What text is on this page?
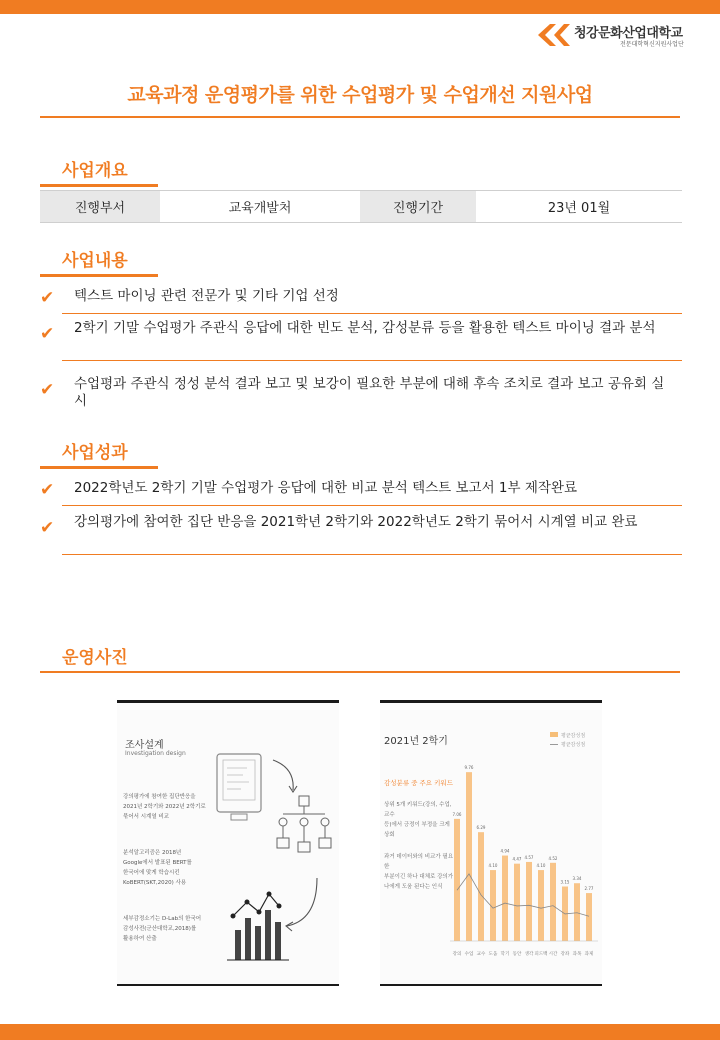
청강문화산업대학교
전문대학혁신지원사업단
교육과정 운영평가를 위한 수업평가 및 수업개선 지원사업
사업개요
진행부서	교육개발처	진행기간	23년 01월
사업내용
✔ 텍스트 마이닝 관련 전문가 및 기타 기업 선정
✔ 2학기 기말 수업평가 주관식 응답에 대한 빈도 분석, 감성분류 등을 활용한 텍스트 마이닝 결과 분석
✔ 수업평과 주관식 정성 분석 결과 보고 및 보강이 필요한 부분에 대해 후속 조치로 결과 보고 공유회 실시
사업성과
✔ 2022학년도 2학기 기말 수업평가 응답에 대한 비교 분석 텍스트 보고서 1부 제작완료
✔ 강의평가에 참여한 집단 반응을 2021학년 2학기와 2022학년도 2학기 묶어서 시계열 비교 완료
운영사진
조사설계
Investigation design
강의평가에 참여한 집단반응을
2021년 2학기와 2022년 2학기로
묶어서 시계열 비교
분석알고리즘은 2018년
Google에서 발표된 BERT를
한국어에 맞게 학습시킨
KoBERT(SKT,2020) 사용
세부감정소기는 D-Lab의 한국어
감성사전(군산대학교,2018)를
활용하여 산출
2021년 2학기	평균감성점
평균감성점
감성분류 중 주요 키워드
상위 5개 키워드(강의, 수업, 교수
등)에서 긍정이 부정을 크게 상회
과거 데이터와의 비교가 필요한
부분이긴 하나 대체로 강의가
나에게 도움 된다는 인식
7.06
강의
9.76
수업
6.29
교수
4.10
도움
4.94
학기
4.47
동안
4.57
생각
4.10
피드백
4.52
시간
3.15
강좌
3.34
과목
2.77
과제
